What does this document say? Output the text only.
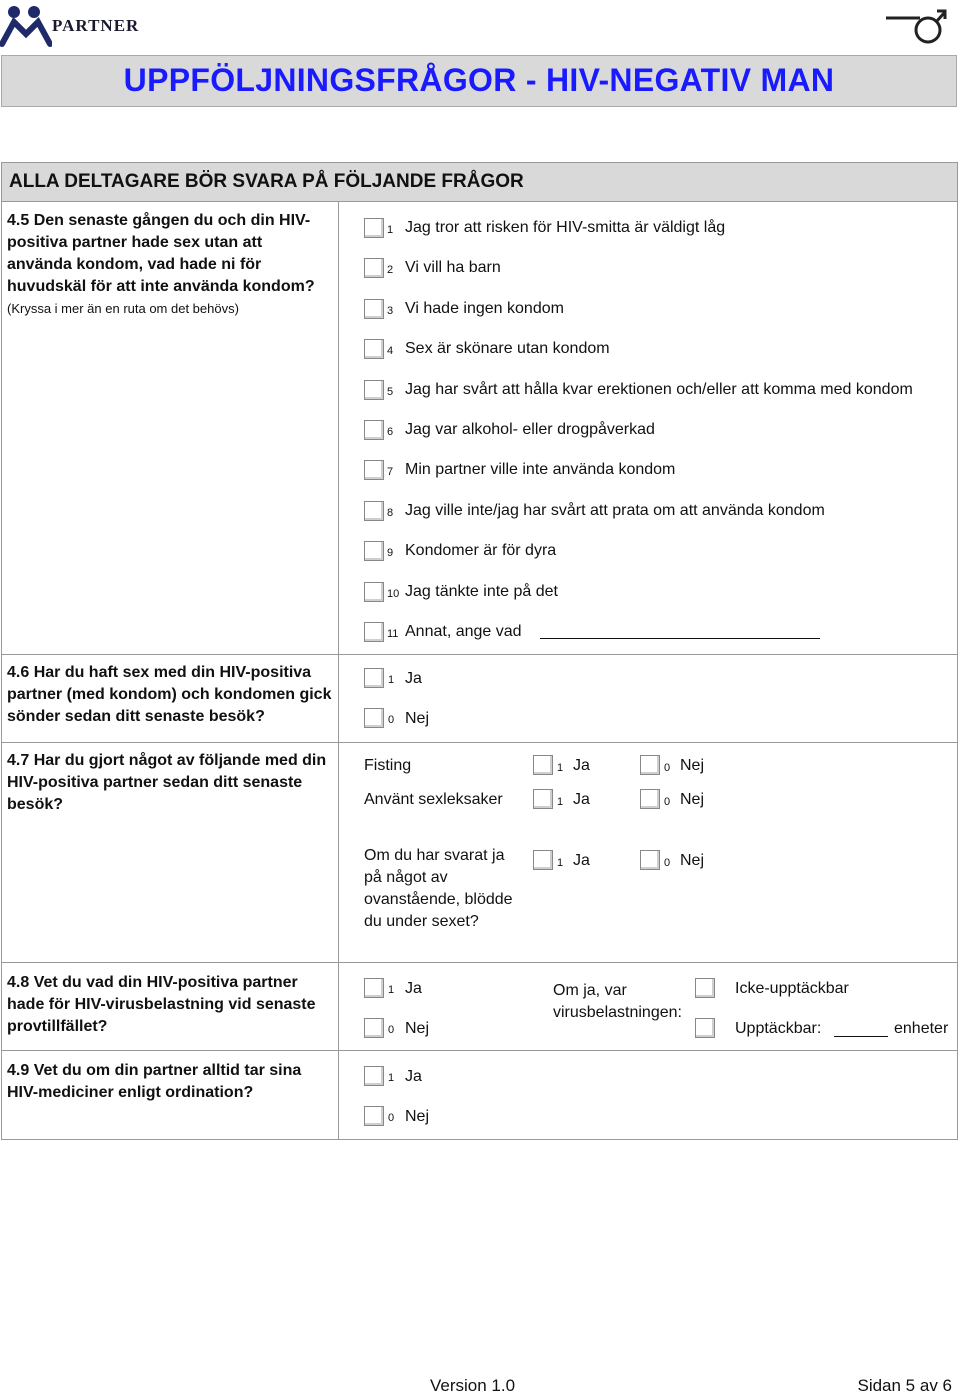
PARTNER
UPPFÖLJNINGSFRÅGOR - HIV-NEGATIV MAN
ALLA DELTAGARE BÖR SVARA PÅ FÖLJANDE FRÅGOR
4.5 Den senaste gången du och din HIV-positiva partner hade sex utan att använda kondom, vad hade ni för huvudskäl för att inte använda kondom?
(Kryssa i mer än en ruta om det behövs)
1 Jag tror att risken för HIV-smitta är väldigt låg
2 Vi vill ha barn
3 Vi hade ingen kondom
4 Sex är skönare utan kondom
5 Jag har svårt att hålla kvar erektionen och/eller att komma med kondom
6 Jag var alkohol- eller drogpåverkad
7 Min partner ville inte använda kondom
8 Jag ville inte/jag har svårt att prata om att använda kondom
9 Kondomer är för dyra
10 Jag tänkte inte på det
11 Annat, ange vad
4.6 Har du haft sex med din HIV-positiva partner (med kondom) och kondomen gick sönder sedan ditt senaste besök?
1 Ja
0 Nej
4.7 Har du gjort något av följande med din HIV-positiva partner sedan ditt senaste besök?
Fisting	1 Ja	0 Nej
Använt sexleksaker	1 Ja	0 Nej
Om du har svarat ja på något av ovanstående, blödde du under sexet?
1 Ja	0 Nej
4.8 Vet du vad din HIV-positiva partner hade för HIV-virusbelastning vid senaste provtillfället?
1 Ja
0 Nej
Om ja, var virusbelastningen:
Icke-upptäckbar
Upptäckbar:	enheter
4.9 Vet du om din partner alltid tar sina HIV-mediciner enligt ordination?
1 Ja
0 Nej
Version 1.0	Sidan 5 av 6
